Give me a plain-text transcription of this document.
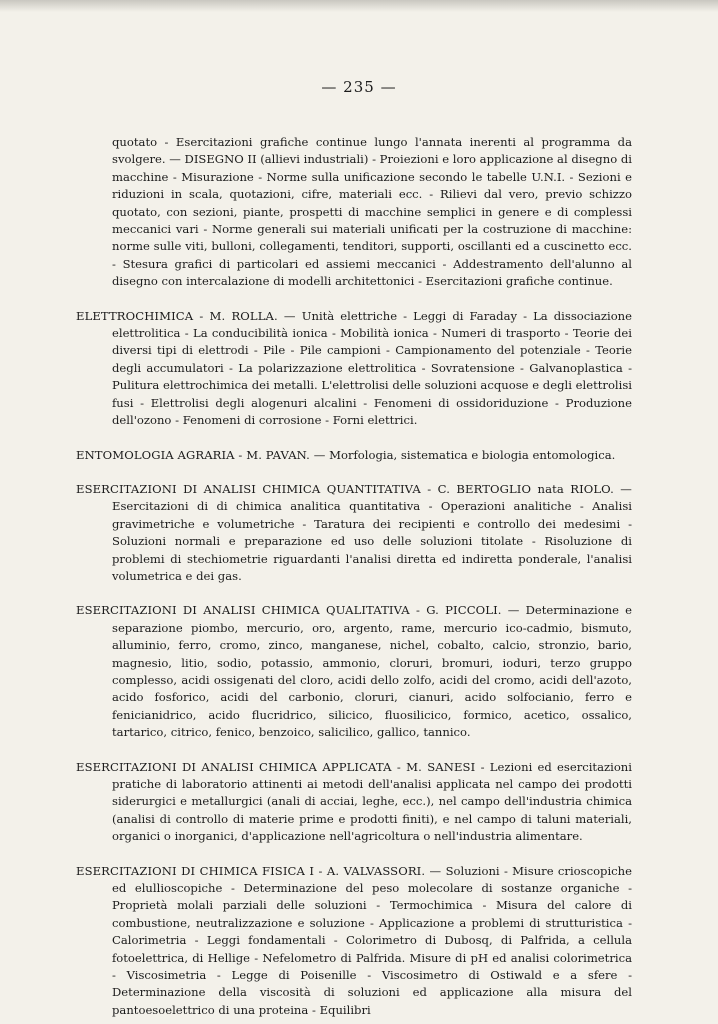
— 235 —

quotato - Esercitazioni grafiche continue lungo l'annata inerenti al programma da svolgere. — DISEGNO II (allievi industriali) - Proiezioni e loro applicazione al disegno di macchine - Misurazione - Norme sulla unificazione secondo le tabelle U.N.I. - Sezioni e riduzioni in scala, quotazioni, cifre, materiali ecc. - Rilievi dal vero, previo schizzo quotato, con sezioni, piante, prospetti di macchine semplici in genere e di complessi meccanici vari - Norme generali sui materiali unificati per la costruzione di macchine: norme sulle viti, bulloni, collegamenti, tenditori, supporti, oscillanti ed a cuscinetto ecc. - Stesura grafici di particolari ed assiemi meccanici - Addestramento dell'alunno al disegno con intercalazione di modelli architettonici - Esercitazioni grafiche continue.

ELETTROCHIMICA - M. ROLLA. — Unità elettriche - Leggi di Faraday - La dissociazione elettrolitica - La conducibilità ionica - Mobilità ionica - Numeri di trasporto - Teorie dei diversi tipi di elettrodi - Pile - Pile campioni - Campionamento del potenziale - Teorie degli accumulatori - La polarizzazione elettrolitica - Sovratensione - Galvanoplastica - Pulitura elettrochimica dei metalli. L'elettrolisi delle soluzioni acquose e degli elettrolisi fusi - Elettrolisi degli alogenuri alcalini - Fenomeni di ossidoriduzione - Produzione dell'ozono - Fenomeni di corrosione - Forni elettrici.

ENTOMOLOGIA AGRARIA - M. PAVAN. — Morfologia, sistematica e biologia entomologica.

ESERCITAZIONI DI ANALISI CHIMICA QUANTITATIVA - C. BERTOGLIO nata RIOLO. — Esercitazioni di di chimica analitica quantitativa - Operazioni analitiche - Analisi gravimetriche e volumetriche - Taratura dei recipienti e controllo dei medesimi - Soluzioni normali e preparazione ed uso delle soluzioni titolate - Risoluzione di problemi di stechiometrie riguardanti l'analisi diretta ed indiretta ponderale, l'analisi volumetrica e dei gas.

ESERCITAZIONI DI ANALISI CHIMICA QUALITATIVA - G. PICCOLI. — Determinazione e separazione piombo, mercurio, oro, argento, rame, mercurio ico-cadmio, bismuto, alluminio, ferro, cromo, zinco, manganese, nichel, cobalto, calcio, stronzio, bario, magnesio, litio, sodio, potassio, ammonio, cloruri, bromuri, ioduri, terzo gruppo complesso, acidi ossigenati del cloro, acidi dello zolfo, acidi del cromo, acidi dell'azoto, acido fosforico, acidi del carbonio, cloruri, cianuri, acido solfocianio, ferro e fenicianidrico, acido flucridrico, silicico, fluosilicico, formico, acetico, ossalico, tartarico, citrico, fenico, benzoico, salicilico, gallico, tannico.

ESERCITAZIONI DI ANALISI CHIMICA APPLICATA - M. SANESI - Lezioni ed esercitazioni pratiche di laboratorio attinenti ai metodi dell'analisi applicata nel campo dei prodotti siderurgici e metallurgici (anali di acciai, leghe, ecc.), nel campo dell'industria chimica (analisi di controllo di materie prime e prodotti finiti), e nel campo di taluni materiali, organici o inorganici, d'applicazione nell'agricoltura o nell'industria alimentare.

ESERCITAZIONI DI CHIMICA FISICA I - A. VALVASSORI. — Soluzioni - Misure crioscopiche ed elullioscopiche - Determinazione del peso molecolare di sostanze organiche - Proprietà molali parziali delle soluzioni - Termochimica - Misura del calore di combustione, neutralizzazione e soluzione - Applicazione a problemi di strutturistica - Calorimetria - Leggi fondamentali - Colorimetro di Dubosq, di Palfrida, a cellula fotoelettrica, di Hellige - Nefelometro di Palfrida. Misure di pH ed analisi colorimetrica - Viscosimetria - Legge di Poisenille - Viscosimetro di Ostiwald e a sfere - Determinazione della viscosità di soluzioni ed applicazione alla misura del pantoesoelettrico di una proteina - Equilibri
